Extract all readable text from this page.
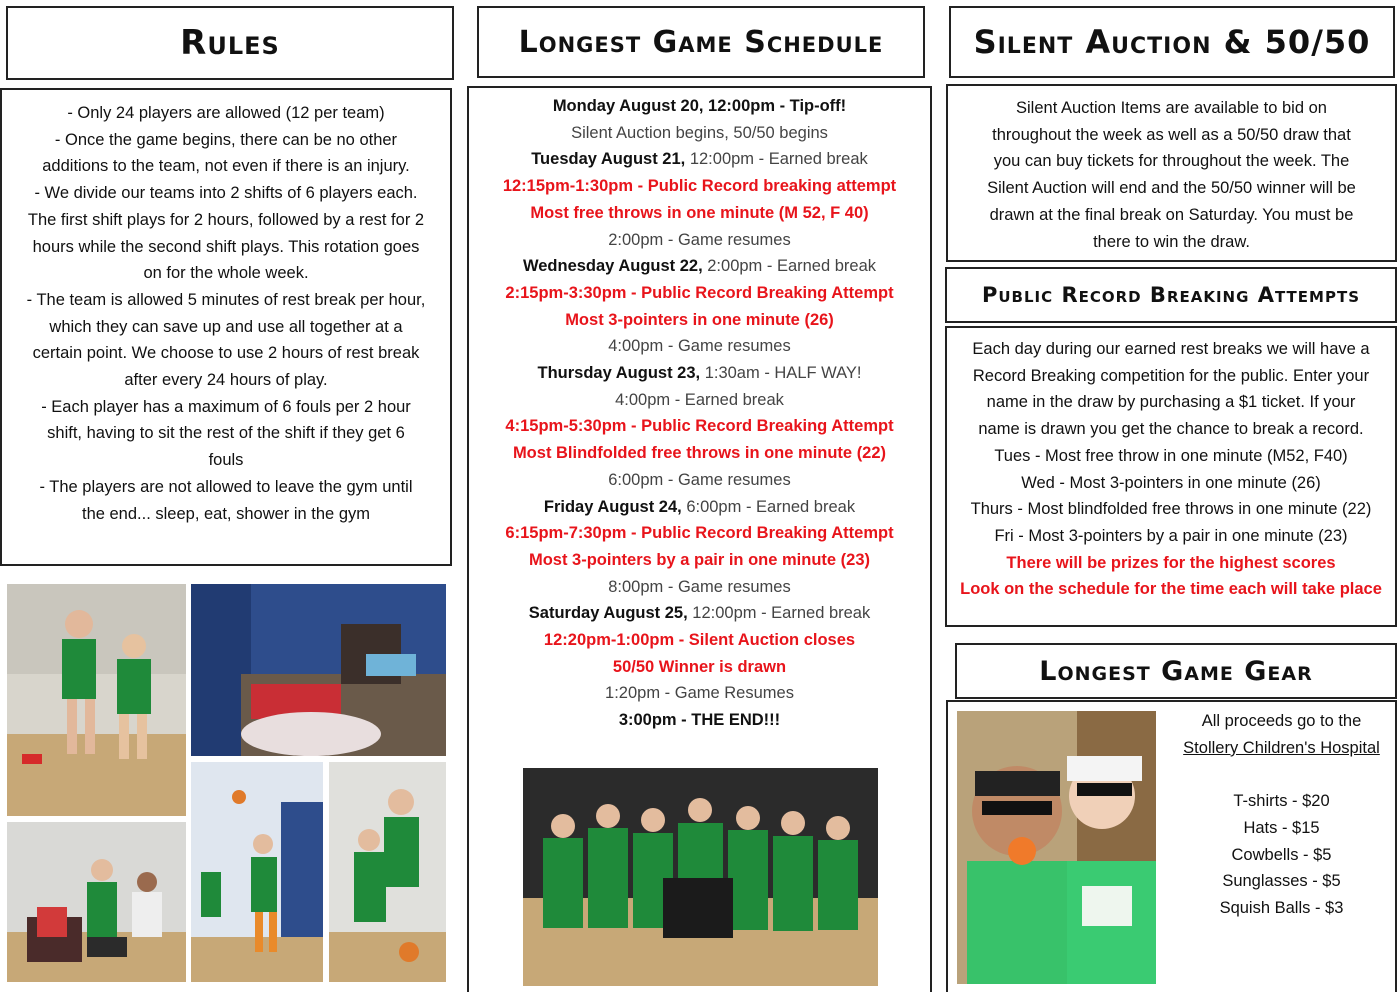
Rules
- Only 24 players are allowed (12 per team)
- Once the game begins, there can be no other
additions to the team, not even if there is an injury.
- We divide our teams into 2 shifts of 6 players each.
The first shift plays for 2 hours, followed by a rest for 2
hours while the second shift plays. This rotation goes
on for the whole week.
- The team is allowed 5 minutes of rest break per hour,
which they can save up and use all together at a
certain point. We choose to use 2 hours of rest break
after every 24 hours of play.
- Each player has a maximum of 6 fouls per 2 hour
shift, having to sit the rest of the shift if they get 6
fouls
- The players are not allowed to leave the gym until
the end... sleep, eat, shower in the gym
Longest Game Schedule
Monday August 20, 12:00pm - Tip-off!
Silent Auction begins, 50/50 begins
Tuesday August 21, 12:00pm - Earned break
12:15pm-1:30pm - Public Record breaking attempt
Most free throws in one minute (M 52, F 40)
2:00pm - Game resumes
Wednesday August 22, 2:00pm - Earned break
2:15pm-3:30pm - Public Record Breaking Attempt
Most 3-pointers in one minute (26)
4:00pm - Game resumes
Thursday August 23, 1:30am - HALF WAY!
4:00pm - Earned break
4:15pm-5:30pm - Public Record Breaking Attempt
Most Blindfolded free throws in one minute (22)
6:00pm - Game resumes
Friday August 24, 6:00pm - Earned break
6:15pm-7:30pm - Public Record Breaking Attempt
Most 3-pointers by a pair in one minute (23)
8:00pm - Game resumes
Saturday August 25, 12:00pm - Earned break
12:20pm-1:00pm - Silent Auction closes
50/50 Winner is drawn
1:20pm - Game Resumes
3:00pm - THE END!!!
Silent Auction & 50/50
Silent Auction Items are available to bid on
throughout the week as well as a 50/50 draw that
you can buy tickets for throughout the week. The
Silent Auction will end and the 50/50 winner will be
drawn at the final break on Saturday. You must be
there to win the draw.
Public Record Breaking Attempts
Each day during our earned rest breaks we will have a
Record Breaking competition for the public. Enter your
name in the draw by purchasing a $1 ticket. If your
name is drawn you get the chance to break a record.
Tues - Most free throw in one minute (M52, F40)
Wed - Most 3-pointers in one minute (26)
Thurs - Most blindfolded free throws in one minute (22)
Fri - Most 3-pointers by a pair in one minute (23)
There will be prizes for the highest scores
Look on the schedule for the time each will take place
Longest Game Gear
All proceeds go to the
Stollery Children's Hospital
T-shirts - $20
Hats - $15
Cowbells - $5
Sunglasses - $5
Squish Balls - $3
